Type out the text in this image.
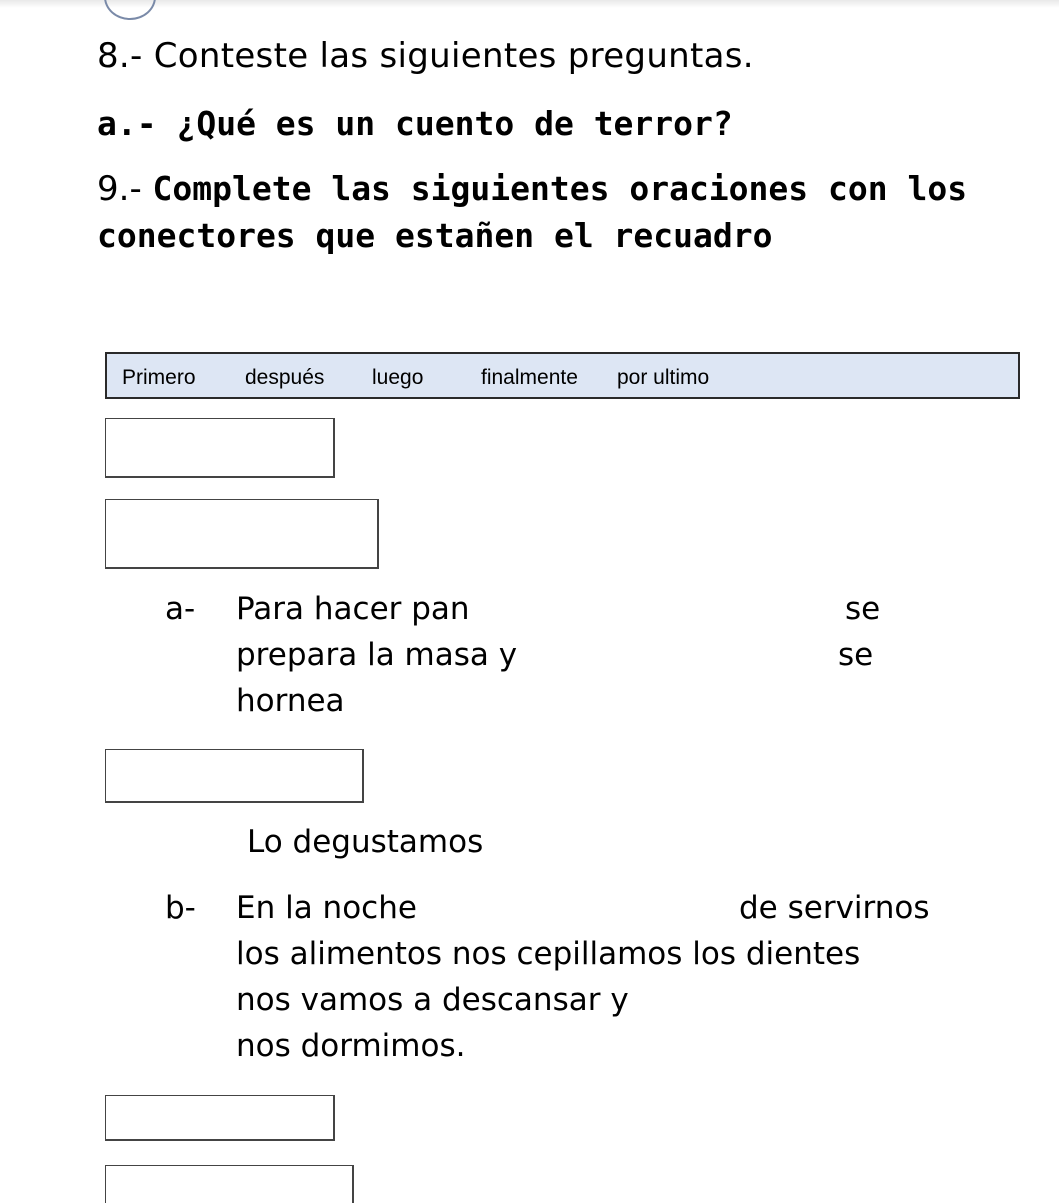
8.- Conteste las siguientes preguntas.
a.- ¿Qué es un cuento de terror?
9.- Complete las siguientes oraciones con los
conectores que estañen el recuadro
Primero después luego	finalmente por ultimo
a- Para hacer pan	se
prepara la masa y	se
hornea
Lo degustamos
b- En la noche	de servirnos
los alimentos nos cepillamos los dientes
nos vamos a descansar y
nos dormimos.
